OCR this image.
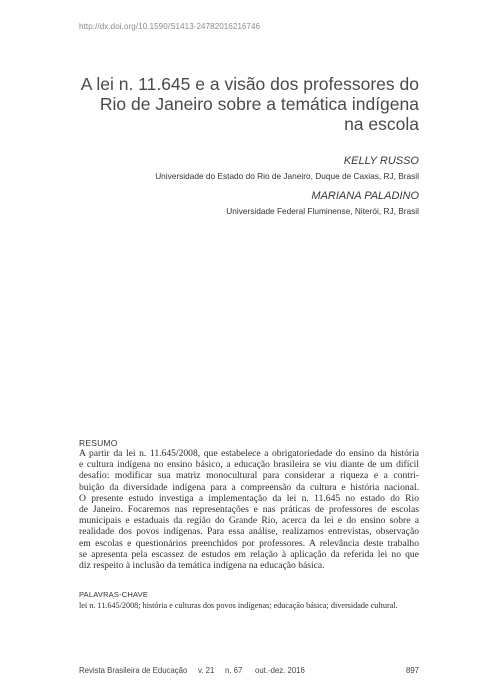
http://dx.doi.org/10.1590/S1413-24782016216746
A lei n. 11.645 e a visão dos professores do
Rio de Janeiro sobre a temática indígena
na escola
KELLY RUSSO
Universidade do Estado do Rio de Janeiro, Duque de Caxias, RJ, Brasil
MARIANA PALADINO
Universidade Federal Fluminense, Niterói, RJ, Brasil
RESUMO
A partir da lei n. 11.645/2008, que estabelece a obrigatoriedade do ensino da história
e cultura indígena no ensino básico, a educação brasileira se viu diante de um difícil
desafio: modificar sua matriz monocultural para considerar a riqueza e a contri-
buição da diversidade indígena para a compreensão da cultura e história nacional.
O presente estudo investiga a implementação da lei n. 11.645 no estado do Rio
de Janeiro. Focaremos nas representações e nas práticas de professores de escolas
municipais e estaduais da região do Grande Rio, acerca da lei e do ensino sobre a
realidade dos povos indígenas. Para essa análise, realizamos entrevistas, observação
em escolas e questionários preenchidos por professores. A relevância deste trabalho
se apresenta pela escassez de estudos em relação à aplicação da referida lei no que
diz respeito à inclusão da temática indígena na educação básica.
PALAVRAS-CHAVE
lei n. 11.645/2008; história e culturas dos povos indígenas; educação básica; diversidade cultural.
Revista Brasileira de Educação v. 21 n. 67 out.-dez. 2016	897
